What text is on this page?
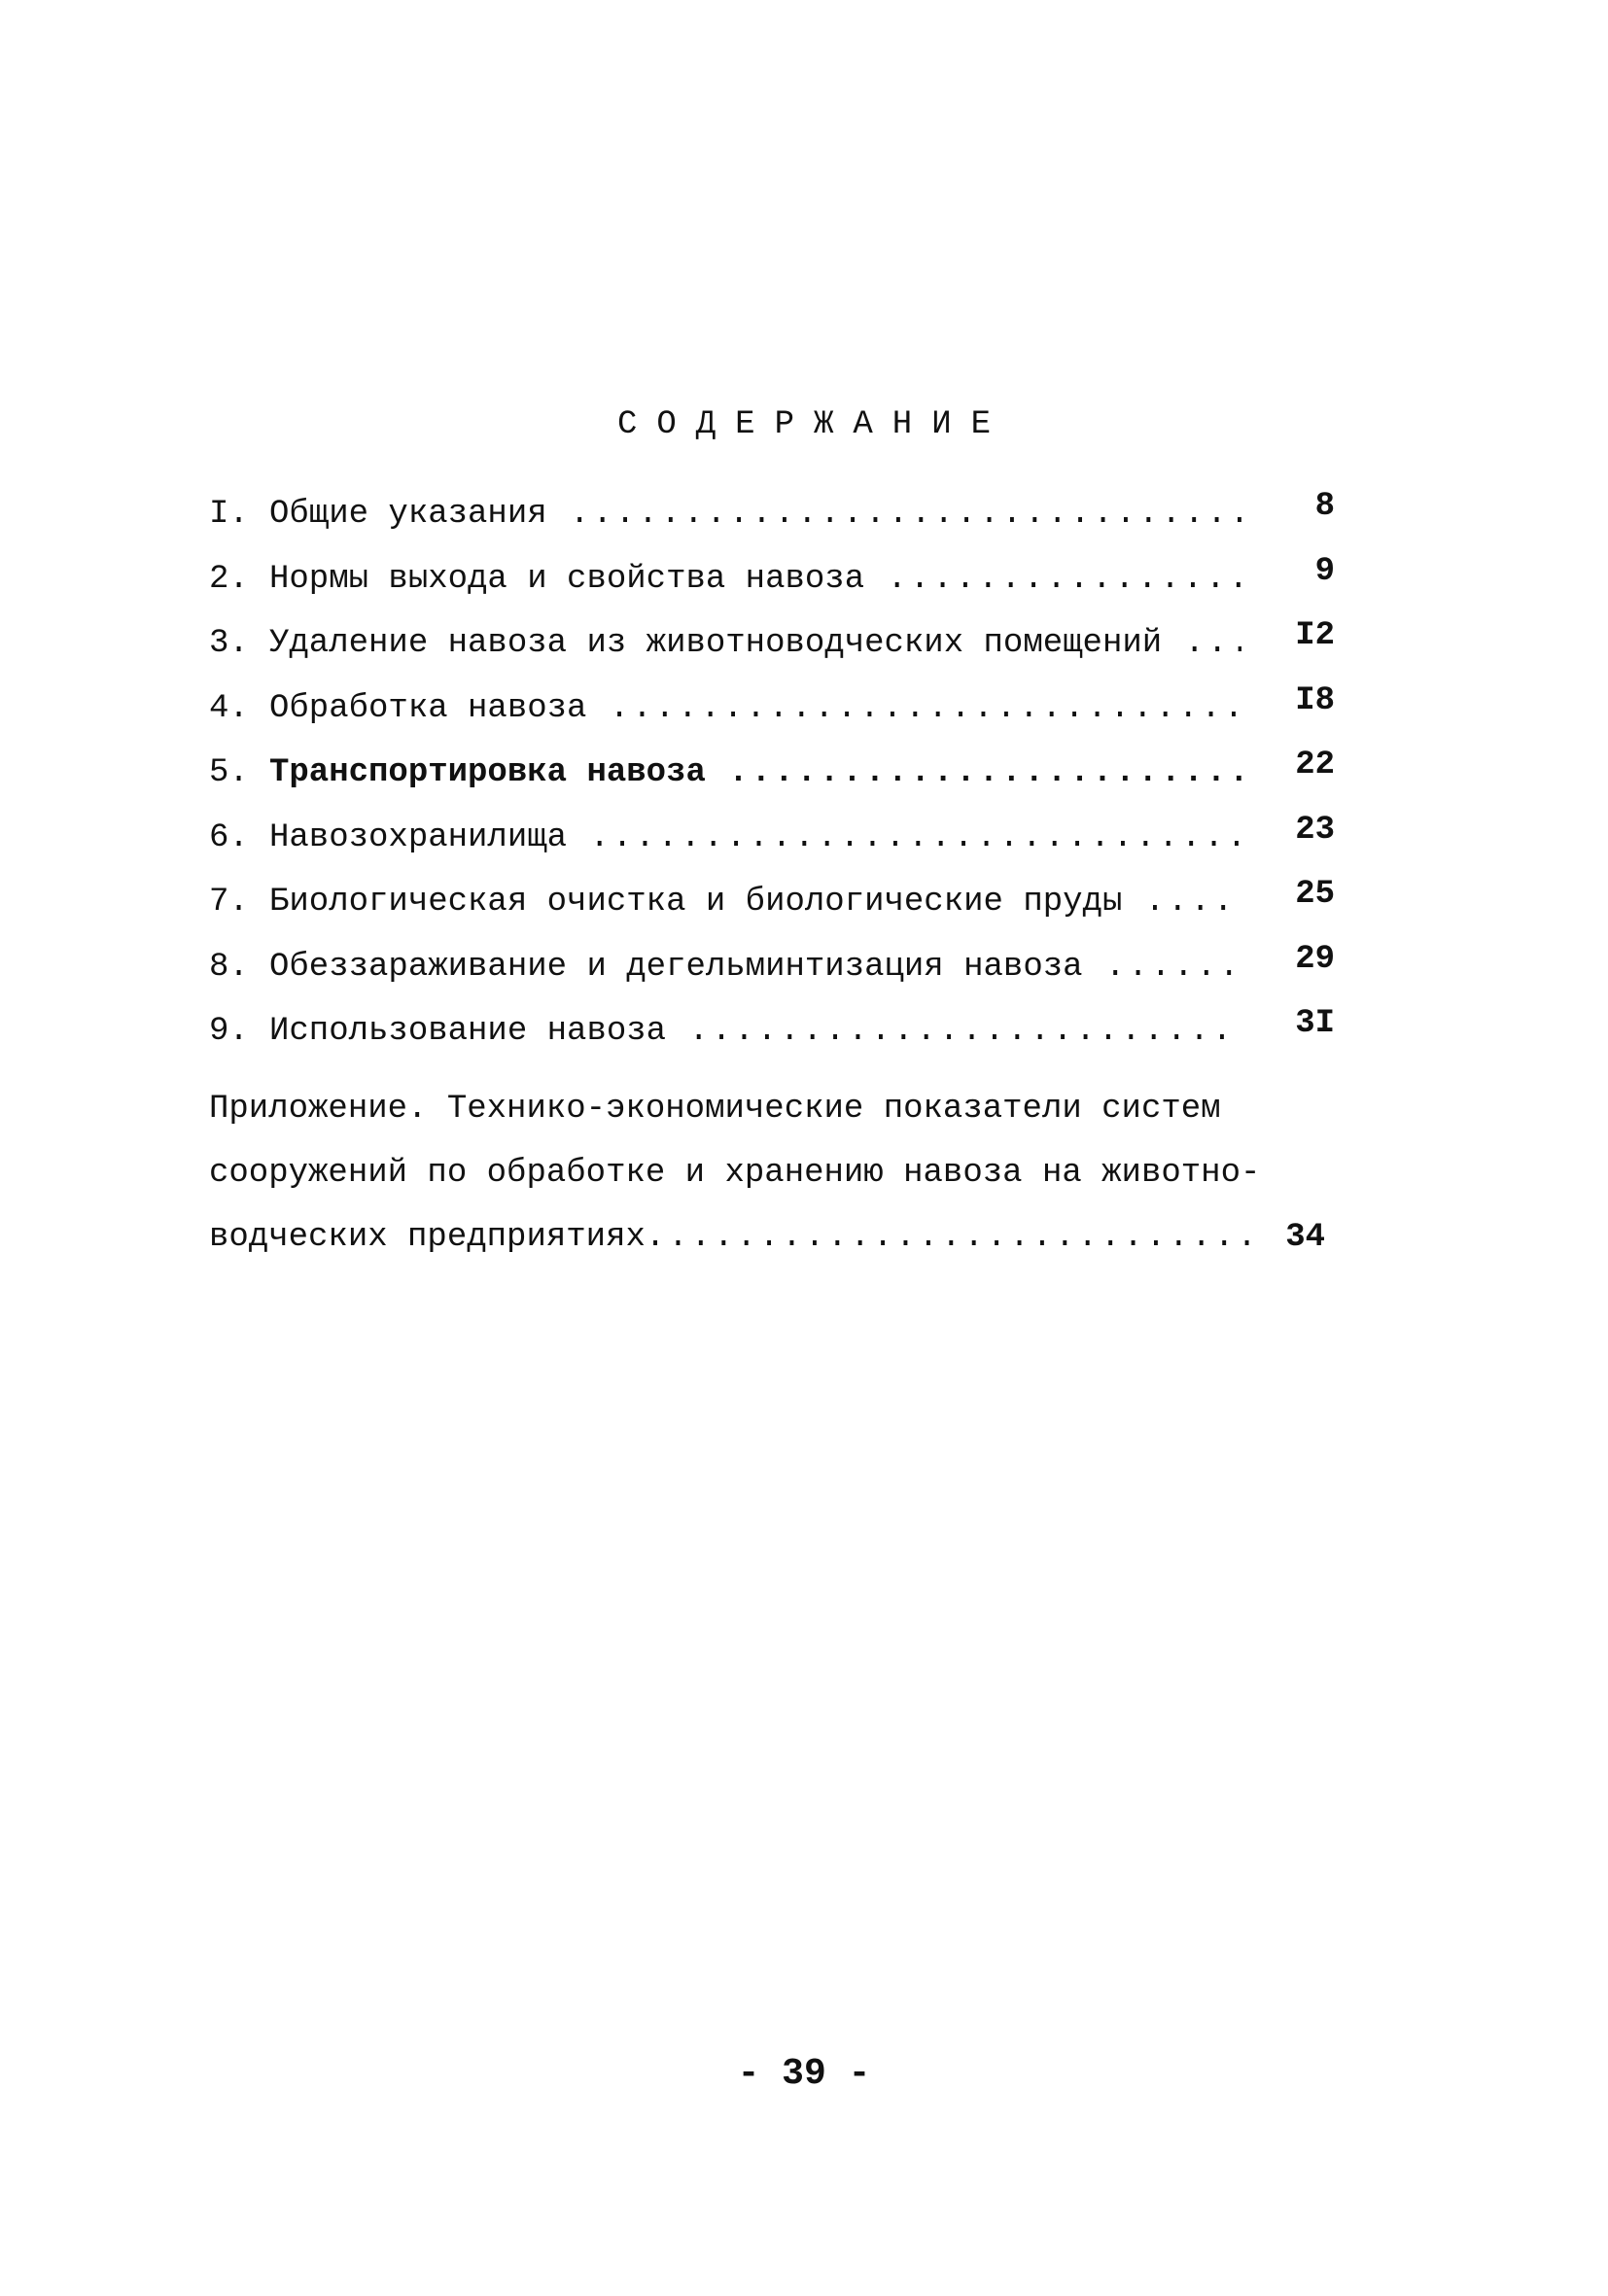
СОДЕРЖАНИЕ
I. Общие указания .....	8
2. Нормы выхода и свойства навоза .....	9
3. Удаление навоза из животноводческих помещений .....	I2
4. Обработка навоза .....	I8
5. Транспортировка навоза .....	22
6. Навозохранилища .....	23
7. Биологическая очистка и биологические пруды .....	25
8. Обеззараживание и дегельминтизация навоза .....	29
9. Использование навоза .....	3I
Приложение. Технико-экономические показатели систем
сооружений по обработке и хранению навоза на животно-
водческих предприятиях .....	34
- 39 -
